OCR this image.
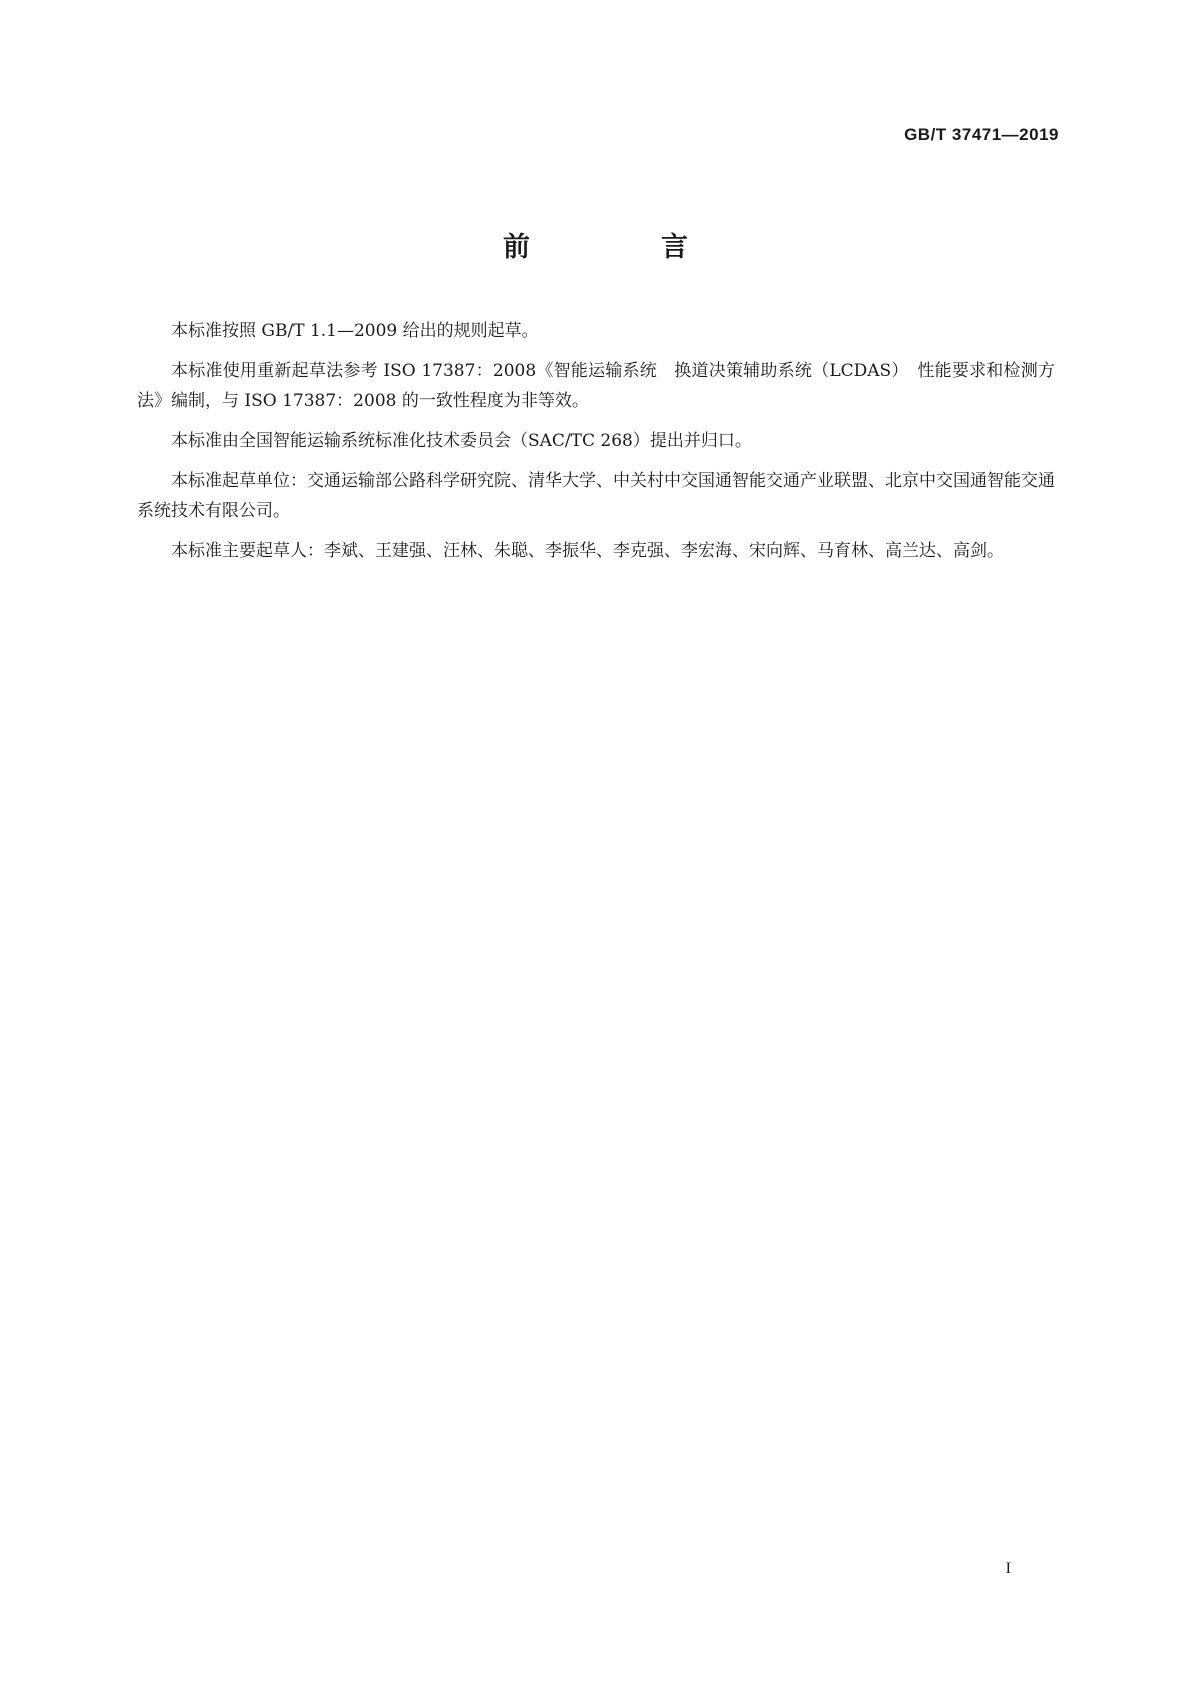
GB/T 37471—2019
前　言

本标准按照 GB/T 1.1—2009 给出的规则起草。

本标准使用重新起草法参考 ISO 17387：2008《智能运输系统　换道决策辅助系统（LCDAS）　性能要求和检测方法》编制，与 ISO 17387：2008 的一致性程度为非等效。

本标准由全国智能运输系统标准化技术委员会（SAC/TC 268）提出并归口。

本标准起草单位：交通运输部公路科学研究院、清华大学、中关村中交国通智能交通产业联盟、北京中交国通智能交通系统技术有限公司。

本标准主要起草人：李斌、王建强、汪林、朱聪、李振华、李克强、李宏海、宋向辉、马育林、高兰达、高剑。

I
